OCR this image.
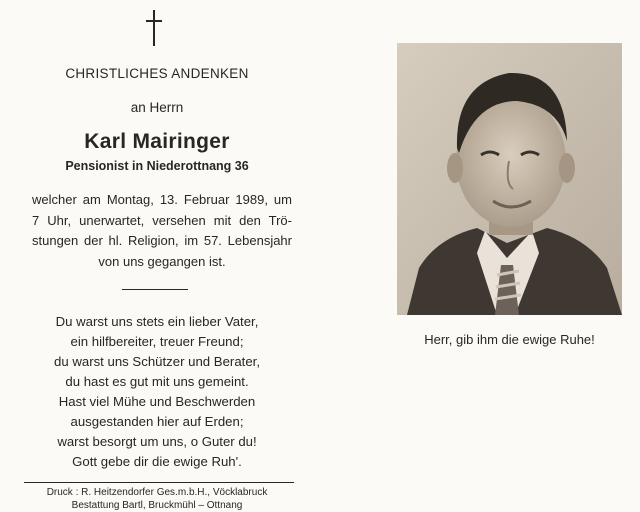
CHRISTLICHES ANDENKEN
an Herrn
Karl Mairinger
Pensionist in Niederottnang 36
welcher am Montag, 13. Februar 1989, um
7 Uhr, unerwartet, versehen mit den Trö-
stungen der hl. Religion, im 57. Lebensjahr
von uns gegangen ist.
Du warst uns stets ein lieber Vater,
ein hilfbereiter, treuer Freund;
du warst uns Schützer und Berater,
du hast es gut mit uns gemeint.
Hast viel Mühe und Beschwerden
ausgestanden hier auf Erden;
warst besorgt um uns, o Guter du!
Gott gebe dir die ewige Ruh'.
Druck : R. Heitzendorfer Ges.m.b.H., Vöcklabruck
Bestattung Bartl, Bruckmühl – Ottnang
Herr, gib ihm die ewige Ruhe!
